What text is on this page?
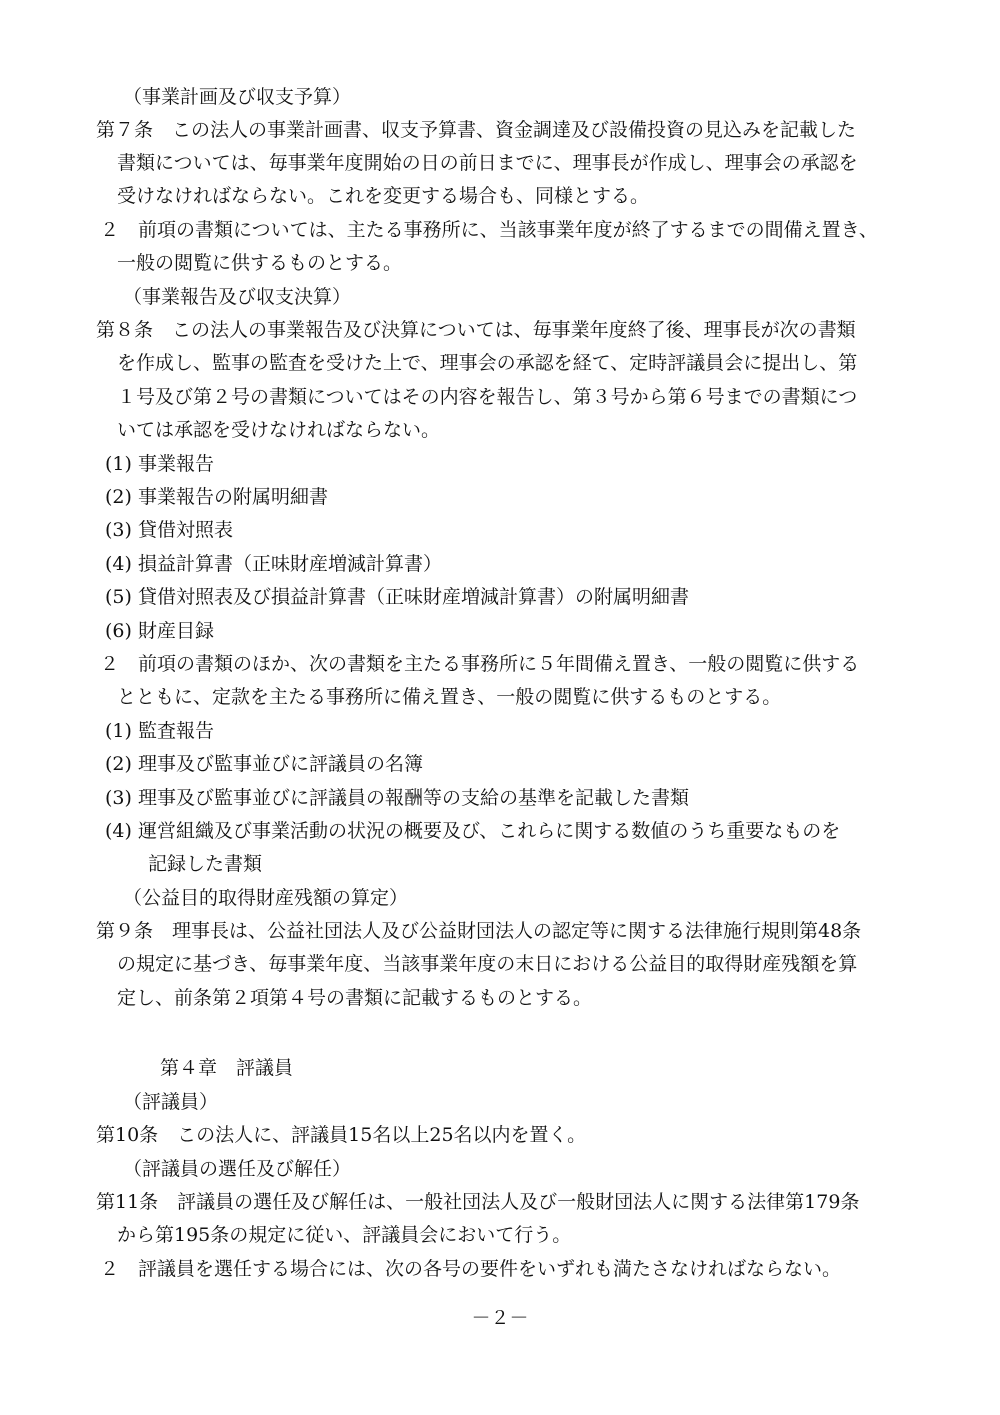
（事業計画及び収支予算）
第７条　この法人の事業計画書、収支予算書、資金調達及び設備投資の見込みを記載した
書類については、毎事業年度開始の日の前日までに、理事長が作成し、理事会の承認を
受けなければならない。これを変更する場合も、同様とする。
２　前項の書類については、主たる事務所に、当該事業年度が終了するまでの間備え置き、
一般の閲覧に供するものとする。
（事業報告及び収支決算）
第８条　この法人の事業報告及び決算については、毎事業年度終了後、理事長が次の書類
を作成し、監事の監査を受けた上で、理事会の承認を経て、定時評議員会に提出し、第
１号及び第２号の書類についてはその内容を報告し、第３号から第６号までの書類につ
いては承認を受けなければならない。
(1) 事業報告
(2) 事業報告の附属明細書
(3) 貸借対照表
(4) 損益計算書（正味財産増減計算書）
(5) 貸借対照表及び損益計算書（正味財産増減計算書）の附属明細書
(6) 財産目録
２　前項の書類のほか、次の書類を主たる事務所に５年間備え置き、一般の閲覧に供する
とともに、定款を主たる事務所に備え置き、一般の閲覧に供するものとする。
(1) 監査報告
(2) 理事及び監事並びに評議員の名簿
(3) 理事及び監事並びに評議員の報酬等の支給の基準を記載した書類
(4) 運営組織及び事業活動の状況の概要及び、これらに関する数値のうち重要なものを
記録した書類
（公益目的取得財産残額の算定）
第９条　理事長は、公益社団法人及び公益財団法人の認定等に関する法律施行規則第48条
の規定に基づき、毎事業年度、当該事業年度の末日における公益目的取得財産残額を算
定し、前条第２項第４号の書類に記載するものとする。
第４章　評議員
（評議員）
第10条　この法人に、評議員15名以上25名以内を置く。
（評議員の選任及び解任）
第11条　評議員の選任及び解任は、一般社団法人及び一般財団法人に関する法律第179条
から第195条の規定に従い、評議員会において行う。
２　評議員を選任する場合には、次の各号の要件をいずれも満たさなければならない。
－２－
